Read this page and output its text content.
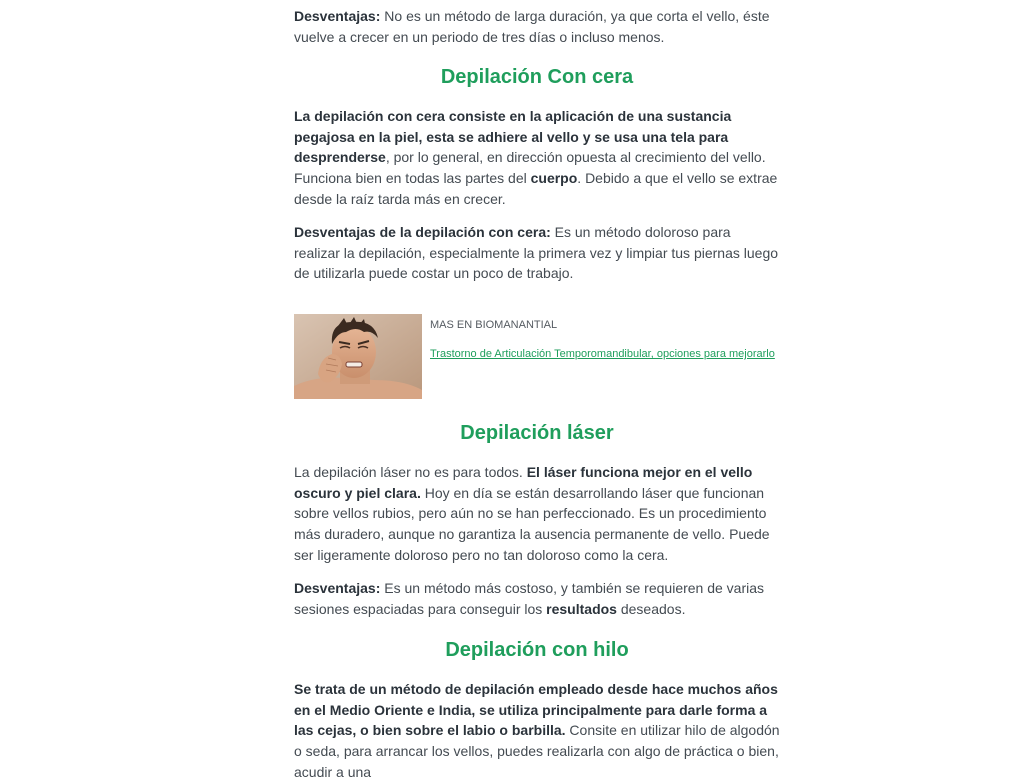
Desventajas: No es un método de larga duración, ya que corta el vello, éste vuelve a crecer en un periodo de tres días o incluso menos.

Depilación Con cera

La depilación con cera consiste en la aplicación de una sustancia pegajosa en la piel, esta se adhiere al vello y se usa una tela para desprenderse, por lo general, en dirección opuesta al crecimiento del vello. Funciona bien en todas las partes del cuerpo. Debido a que el vello se extrae desde la raíz tarda más en crecer.

Desventajas de la depilación con cera: Es un método doloroso para realizar la depilación, especialmente la primera vez y limpiar tus piernas luego de utilizarla puede costar un poco de trabajo.

MAS EN BIOMANANTIAL
Trastorno de Articulación Temporomandibular, opciones para mejorarlo
Depilación láser

La depilación láser no es para todos. El láser funciona mejor en el vello oscuro y piel clara. Hoy en día se están desarrollando láser que funcionan sobre vellos rubios, pero aún no se han perfeccionado. Es un procedimiento más duradero, aunque no garantiza la ausencia permanente de vello. Puede ser ligeramente doloroso pero no tan doloroso como la cera.

Desventajas: Es un método más costoso, y también se requieren de varias sesiones espaciadas para conseguir los resultados deseados.

Depilación con hilo

Se trata de un método de depilación empleado desde hace muchos años en el Medio Oriente e India, se utiliza principalmente para darle forma a las cejas, o bien sobre el labio o barbilla. Consite en utilizar hilo de algodón o seda, para arrancar los vellos, puedes realizarla con algo de práctica o bien, acudir a una
